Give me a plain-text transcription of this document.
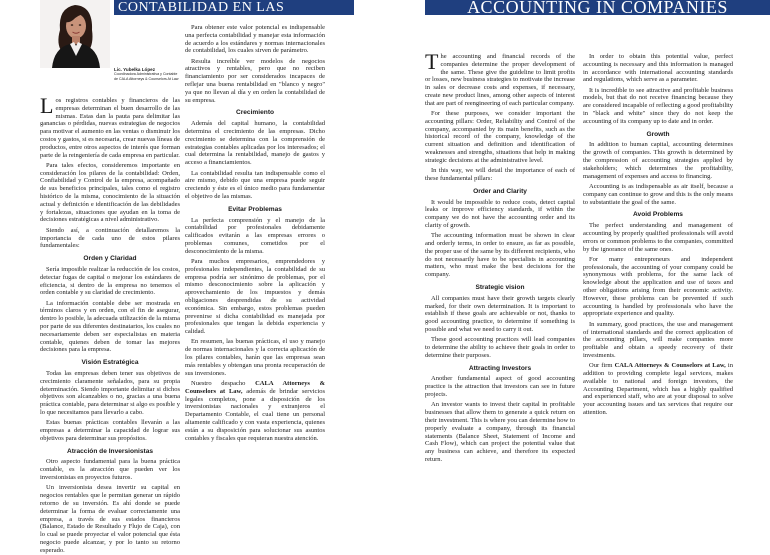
CONTABILIDAD EN LAS EMPRESAS
ACCOUNTING IN COMPANIES
Lic. Yubelka López
Coordinadora Administrativa y Contable de CALA Attorneys & Counselors At Law

Los registros contables y financieros de las empresas determinan el buen desarrollo de las mismas. Estas dan la pauta para delimitar las ganancias o pérdidas, nuevas estrategias de negocios para motivar el aumento en las ventas o disminuir los costos y gastos, si es necesaria, crear nuevas líneas de productos, entre otros aspectos de interés que forman parte de la reingeniería de cada empresa en particular.

Para tales efectos, consideremos importante en consideración los pilares de la contabilidad: Orden, Confiabilidad y Control de la empresa, acompañado de sus beneficios principales, tales como el registro histórico de la misma, conocimiento de la situación actual y definición e identificación de las debilidades y fortalezas, situaciones que ayudan en la toma de decisiones estratégicas a nivel administrativo.

Siendo así, a continuación detallaremos la importancia de cada uno de estos pilares fundamentales:

Orden y Claridad

Sería imposible realizar la reducción de los costos, detectar fugas de capital o mejorar los estándares de eficiencia, si dentro de la empresa no tenemos el orden contable y su claridad de crecimiento.

La información contable debe ser mostrada en términos claros y en orden, con el fin de asegurar, dentro lo posible, la adecuada utilización de la misma por parte de sus diferentes destinatarios, los cuales no necesariamente deben ser especialistas en materia contable, quienes deben de tomar las mejores decisiones para la empresa.

Visión Estratégica

Todas las empresas deben tener sus objetivos de crecimiento claramente señalados, para su propia determinación. Siendo importante delimitar si dichos objetivos son alcanzables o no, gracias a una buena práctica contable, para determinar si algo es posible y lo que necesitamos para llevarlo a cabo.

Estas buenas prácticas contables llevarán a las empresas a determinar la capacidad de lograr sus objetivos para determinar sus propósitos.

Atracción de Inversionistas

Otro aspecto fundamental para la buena práctica contable, es la atracción que pueden ver los inversionistas en proyectos futuros.

Un inversionista desea invertir su capital en negocios rentables que le permitan generar un rápido retorno de su inversión. Es ahí donde se puede determinar la forma de evaluar correctamente una empresa, a través de sus estados financieros (Balance, Estado de Resultado y Flujo de Caja), con lo cual se puede proyectar el valor potencial que ésta negocio puede alcanzar, y por lo tanto su retorno esperado.

Para obtener este valor potencial es indispensable una perfecta contabilidad y manejar esta información de acuerdo a los estándares y normas internacionales de contabilidad, los cuales sirven de parámetro.

Resulta increíble ver modelos de negocios atractivos y rentables, pero que no reciben financiamiento por ser considerados incapaces de reflejar una buena rentabilidad en "blanco y negro" ya que no llevan al día y en orden la contabilidad de su empresa.

Crecimiento

Además del capital humano, la contabilidad determina el crecimiento de las empresas. Dicho crecimiento se determina con la comprensión de estrategias contables aplicadas por los interesados; el cual determina la rentabilidad, manejo de gastos y acceso a financiamientos.

La contabilidad resulta tan indispensable como el aire mismo, debido que una empresa puede seguir creciendo y éste es el único medio para fundamentar el objetivo de las mismas.

Evitar Problemas

La perfecta comprensión y el manejo de la contabilidad por profesionales debidamente calificados evitarán a las empresas errores o problemas comunes, cometidos por el desconocimiento de la misma.

Para muchos empresarios, emprendedores y profesionales independientes, la contabilidad de su empresa podría ser sinónimo de problemas, por el mismo desconocimiento sobre la aplicación y aprovechamiento de los impuestos y demás obligaciones desprendidas de su actividad económica. Sin embargo, estos problemas pueden prevenirse si dicha contabilidad es manejada por profesionales que tengan la debida experiencia y calidad.

En resumen, las buenas prácticas, el uso y manejo de normas internacionales y la correcta aplicación de los pilares contables, harán que las empresas sean más rentables y obtengan una pronta recuperación de sus inversiones.

Nuestro despacho CALA Attorneys & Counselors at Law, además de brindar servicios legales completos, pone a disposición de los inversionistas nacionales y extranjeros el Departamento Contable, el cual tiene un personal altamente calificado y con vasta experiencia, quienes están a su disposición para solucionar sus asuntos contables y fiscales que requieran nuestra atención.

The accounting and financial records of the companies determine the proper development of the same. These give the guideline to limit profits or losses, new business strategies to motivate the increase in sales or decrease costs and expenses, if necessary, create new product lines, among other aspects of interest that are part of reengineering of each particular company.

For these purposes, we consider important the accounting pillars: Order, Reliability and Control of the company, accompanied by its main benefits, such as the historical record of the company, knowledge of the current situation and definition and identification of weaknesses and strengths, situations that help in making strategic decisions at the administrative level.

In this way, we will detail the importance of each of these fundamental pillars:

Order and Clarity

It would be impossible to reduce costs, detect capital leaks or improve efficiency standards, if within the company we do not have the accounting order and its clarity of growth.

The accounting information must be shown in clear and orderly terms, in order to ensure, as far as possible, the proper use of the same by its different recipients, who do not necessarily have to be specialists in accounting matters, who must make the best decisions for the company.

Strategic vision

All companies must have their growth targets clearly marked, for their own determination. It is important to establish if these goals are achievable or not, thanks to good accounting practice, to determine if something is possible and what we need to carry it out.

These good accounting practices will lead companies to determine the ability to achieve their goals in order to determine their purposes.

Attracting Investors

Another fundamental aspect of good accounting practice is the attraction that investors can see in future projects.

An investor wants to invest their capital in profitable businesses that allow them to generate a quick return on their investment. This is where you can determine how to properly evaluate a company, through its financial statements (Balance Sheet, Statement of Income and Cash Flow), which can project the potential value that any business can achieve, and therefore its expected return.

In order to obtain this potential value, perfect accounting is necessary and this information is managed in accordance with international accounting standards and regulations, which serve as a parameter.

It is incredible to see attractive and profitable business models, but that do not receive financing because they are considered incapable of reflecting a good profitability in "black and white" since they do not keep the accounting of its company up to date and in order.

Growth

In addition to human capital, accounting determines the growth of companies. This growth is determined by the compression of accounting strategies applied by stakeholders; which determines the profitability, management of expenses and access to financing.

Accounting is as indispensable as air itself, because a company can continue to grow and this is the only means to substantiate the goal of the same.

Avoid Problems

The perfect understanding and management of accounting by properly qualified professionals will avoid errors or common problems to the companies, committed by the ignorance of the same ones.

For many entrepreneurs and independent professionals, the accounting of your company could be synonymous with problems, for the same lack of knowledge about the application and use of taxes and other obligations arising from their economic activity. However, these problems can be prevented if such accounting is handled by professionals who have the appropriate experience and quality.

In summary, good practices, the use and management of international standards and the correct application of the accounting pillars, will make companies more profitable and obtain a speedy recovery of their investments.

Our firm CALA Attorneys & Counselors at Law, in addition to providing complete legal services, makes available to national and foreign investors, the Accounting Department, which has a highly qualified and experienced staff, who are at your disposal to solve your accounting issues and tax services that require our attention.
